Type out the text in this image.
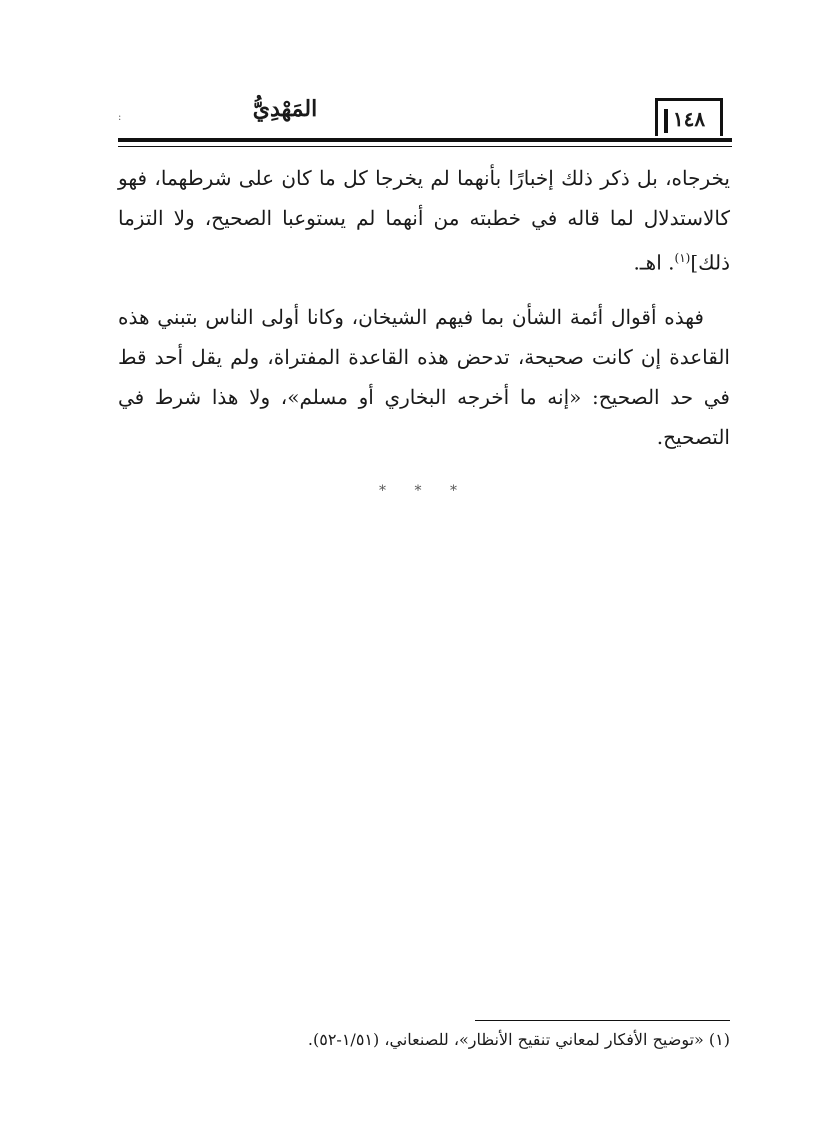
١٤٨
المَهْدِيُّ
:

يخرجاه، بل ذكر ذلك إخبارًا بأنهما لم يخرجا كل ما كان على شرطهما، فهو كالاستدلال لما قاله في خطبته من أنهما لم يستوعبا الصحيح، ولا التزما ذلك]$^{(١)}$. اهـ.

فهذه أقوال أئمة الشأن بما فيهم الشيخان، وكانا أولى الناس بتبني هذه القاعدة إن كانت صحيحة، تدحض هذه القاعدة المفتراة، ولم يقل أحد قط في حد الصحيح: «إنه ما أخرجه البخاري أو مسلم»، ولا هذا شرط في التصحيح.

* * *
(١) «توضيح الأفكار لمعاني تنقيح الأنظار»، للصنعاني، (١/٥١-٥٢).
